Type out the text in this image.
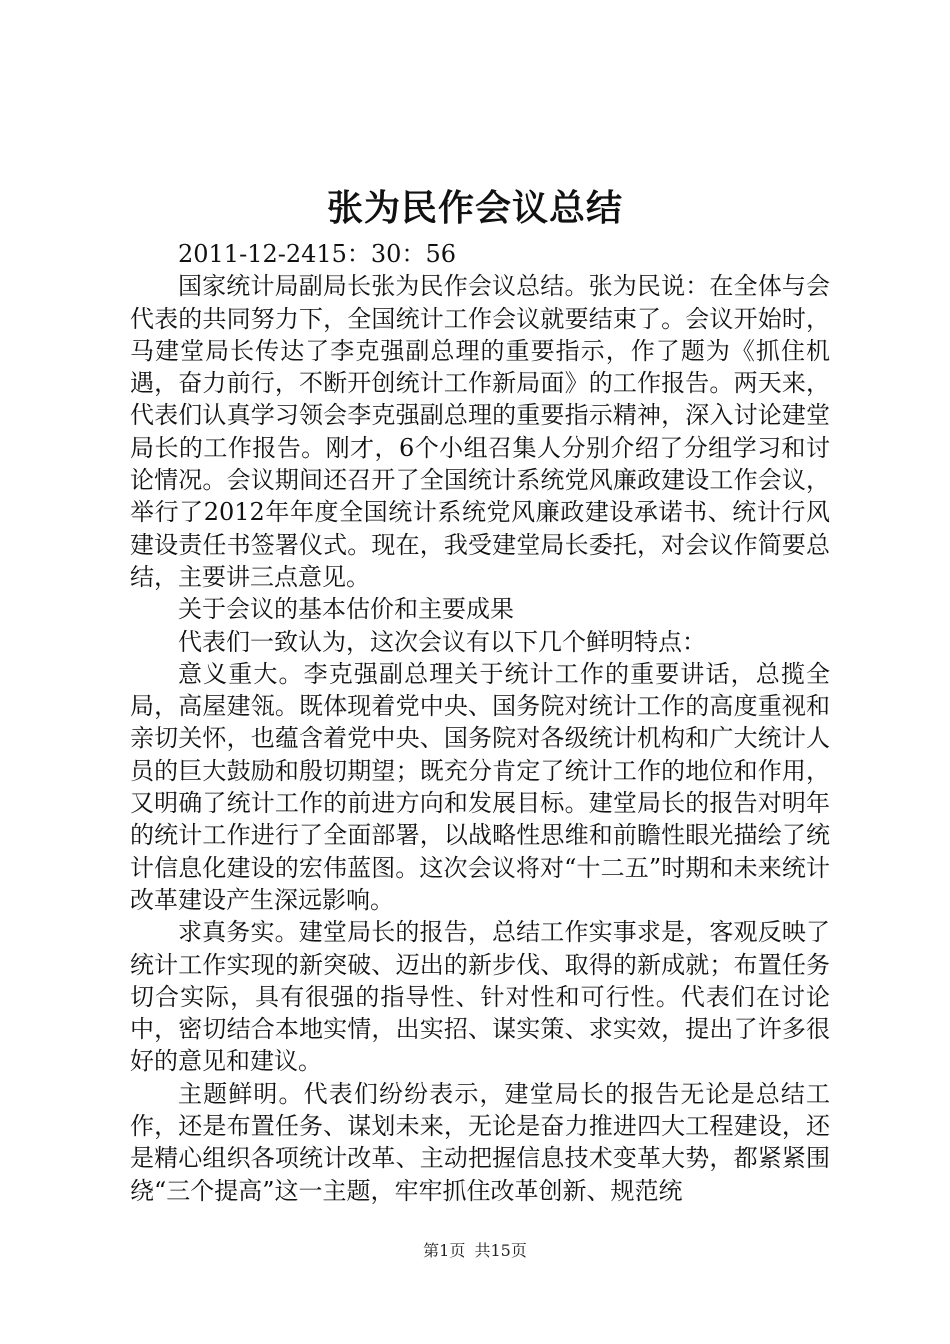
张为民作会议总结

2011-12-2415：30：56

国家统计局副局长张为民作会议总结。张为民说：在全体与会代表的共同努力下，全国统计工作会议就要结束了。会议开始时，马建堂局长传达了李克强副总理的重要指示，作了题为《抓住机遇，奋力前行，不断开创统计工作新局面》的工作报告。两天来，代表们认真学习领会李克强副总理的重要指示精神，深入讨论建堂局长的工作报告。刚才，6个小组召集人分别介绍了分组学习和讨论情况。会议期间还召开了全国统计系统党风廉政建设工作会议，举行了2012年年度全国统计系统党风廉政建设承诺书、统计行风建设责任书签署仪式。现在，我受建堂局长委托，对会议作简要总结，主要讲三点意见。

关于会议的基本估价和主要成果

代表们一致认为，这次会议有以下几个鲜明特点：

意义重大。李克强副总理关于统计工作的重要讲话，总揽全局，高屋建瓴。既体现着党中央、国务院对统计工作的高度重视和亲切关怀，也蕴含着党中央、国务院对各级统计机构和广大统计人员的巨大鼓励和殷切期望；既充分肯定了统计工作的地位和作用，又明确了统计工作的前进方向和发展目标。建堂局长的报告对明年的统计工作进行了全面部署，以战略性思维和前瞻性眼光描绘了统计信息化建设的宏伟蓝图。这次会议将对“十二五”时期和未来统计改革建设产生深远影响。

求真务实。建堂局长的报告，总结工作实事求是，客观反映了统计工作实现的新突破、迈出的新步伐、取得的新成就；布置任务切合实际，具有很强的指导性、针对性和可行性。代表们在讨论中，密切结合本地实情，出实招、谋实策、求实效，提出了许多很好的意见和建议。

主题鲜明。代表们纷纷表示，建堂局长的报告无论是总结工作，还是布置任务、谋划未来，无论是奋力推进四大工程建设，还是精心组织各项统计改革、主动把握信息技术变革大势，都紧紧围绕“三个提高”这一主题，牢牢抓住改革创新、规范统

第1页 共15页
